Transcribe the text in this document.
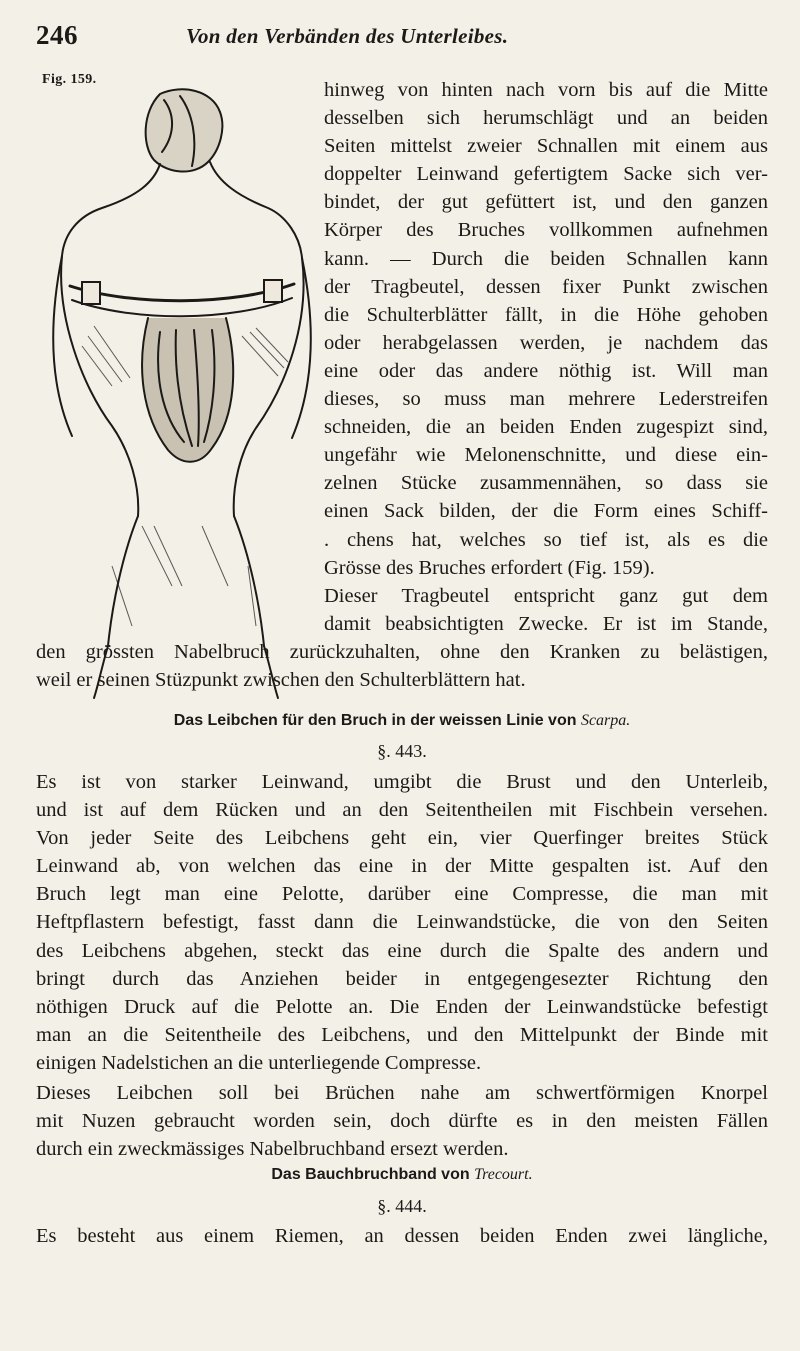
246	Von den Verbänden des Unterleibes.
Fig. 159.	hinweg von hinten nach vorn bis auf die Mitte
desselben sich herumschlägt und an beiden
Seiten mittelst zweier Schnallen mit einem aus
doppelter Leinwand gefertigtem Sacke sich ver-
bindet, der gut gefüttert ist, und den ganzen
Körper des Bruches vollkommen aufnehmen
kann. — Durch die beiden Schnallen kann
der Tragbeutel, dessen fixer Punkt zwischen
die Schulterblätter fällt, in die Höhe gehoben
oder herabgelassen werden, je nachdem das
eine oder das andere nöthig ist. Will man
dieses, so muss man mehrere Lederstreifen
schneiden, die an beiden Enden zugespizt sind,
ungefähr wie Melonenschnitte, und diese ein-
zelnen Stücke zusammennähen, so dass sie
einen Sack bilden, der die Form eines Schiff-
. chens hat, welches so tief ist, als es die
Grösse des Bruches erfordert (Fig. 159).
Dieser Tragbeutel entspricht ganz gut dem
damit beabsichtigten Zwecke. Er ist im Stande,
den grössten Nabelbruch zurückzuhalten, ohne den Kranken zu belästigen,
weil er seinen Stüzpunkt zwischen den Schulterblättern hat.
Das Leibchen für den Bruch in der weissen Linie von Scarpa.
§. 443.
Es ist von starker Leinwand, umgibt die Brust und den Unterleib,
und ist auf dem Rücken und an den Seitentheilen mit Fischbein versehen.
Von jeder Seite des Leibchens geht ein, vier Querfinger breites Stück
Leinwand ab, von welchen das eine in der Mitte gespalten ist. Auf den
Bruch legt man eine Pelotte, darüber eine Compresse, die man mit
Heftpflastern befestigt, fasst dann die Leinwandstücke, die von den Seiten
des Leibchens abgehen, steckt das eine durch die Spalte des andern und
bringt durch das Anziehen beider in entgegengesezter Richtung den
nöthigen Druck auf die Pelotte an. Die Enden der Leinwandstücke befestigt
man an die Seitentheile des Leibchens, und den Mittelpunkt der Binde mit
einigen Nadelstichen an die unterliegende Compresse.
Dieses Leibchen soll bei Brüchen nahe am schwertförmigen Knorpel
mit Nuzen gebraucht worden sein, doch dürfte es in den meisten Fällen
durch ein zweckmässiges Nabelbruchband ersezt werden.
Das Bauchbruchband von Trecourt.
§. 444.
Es besteht aus einem Riemen, an dessen beiden Enden zwei längliche,
